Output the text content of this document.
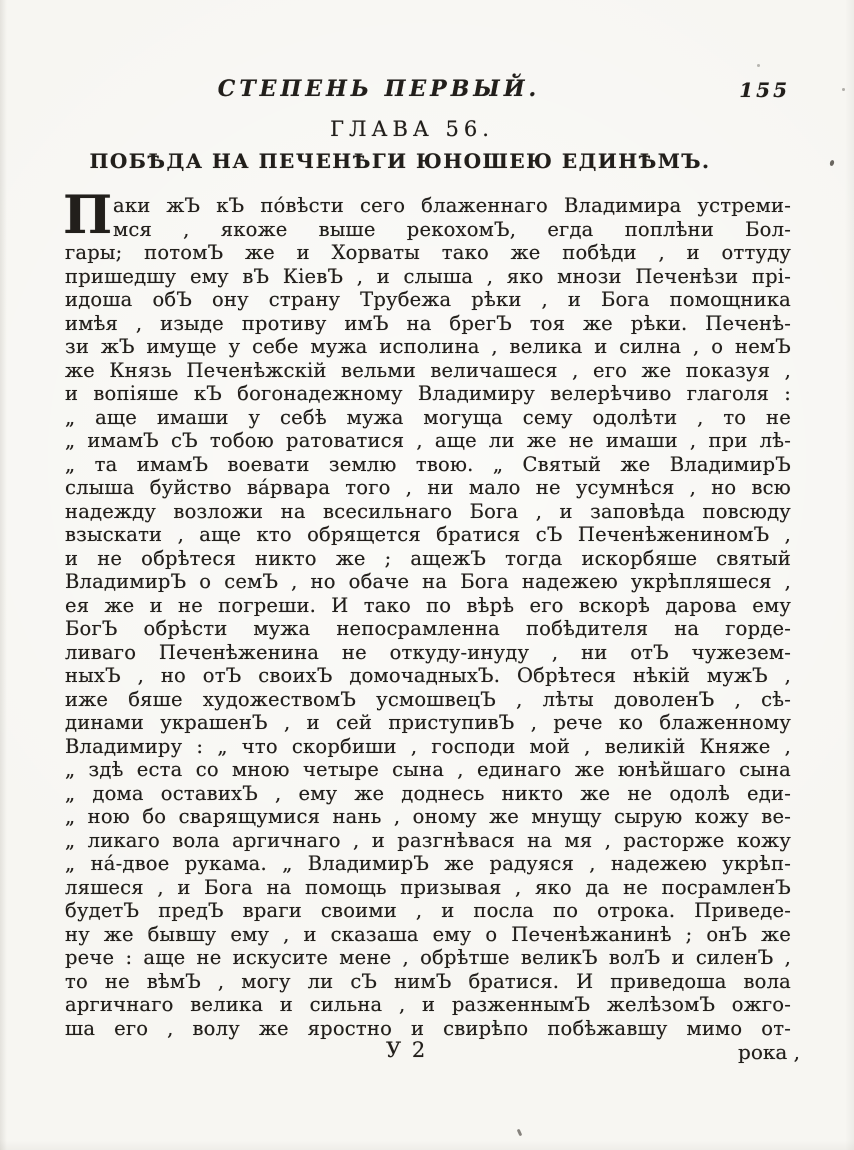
СТЕПЕНЬ ПЕРВЫЙ.	155
ГЛАВА 56.
ПОБѢДА НА ПЕЧЕНѢГИ ЮНОШЕЮ ЕДИНѢМЪ.
П аки жЪ кЪ по́вѣсти сего блаженнаго Владимира устреми-
мся , якоже выше рекохомЪ, егда поплѣни Бол-
гары; потомЪ же и Хорваты тако же побѣди , и оттуду
пришедшу ему вЪ КіевЪ , и слыша , яко мнози Печенѣзи прі-
идоша обЪ ону страну Трубежа рѣки , и Бога помощника
имѣя , изыде противу имЪ на брегЪ тоя же рѣки. Печенѣ-
зи жЪ имуще у себе мужа исполина , велика и силна , о немЪ
же Князь Печенѣжскій вельми величашеся , его же показуя ,
и вопіяше кЪ богонадежному Владимиру велерѣчиво глаголя :
„ аще имаши у себѣ мужа могуща сему одолѣти , то не
„ имамЪ сЪ тобою ратоватися , аще ли же не имаши , при лѣ-
„ та имамЪ воевати землю твою. „ Святый же ВладимирЪ
слыша буйство ва́рвара того , ни мало не усумнѣся , но всю
надежду возложи на всесильнаго Бога , и заповѣда повсюду
взыскати , аще кто обрящется братися сЪ ПеченѣжениномЪ ,
и не обрѣтеся никто же ; ащежЪ тогда искорбяше святый
ВладимирЪ о семЪ , но обаче на Бога надежею укрѣпляшеся ,
ея же и не погреши. И тако по вѣрѣ его вскорѣ дарова ему
БогЪ обрѣсти мужа непосрамленна побѣдителя на горде-
ливаго Печенѣженина не откуду-инуду , ни отЪ чужезем-
ныхЪ , но отЪ своихЪ домочадныхЪ. Обрѣтеся нѣкій мужЪ ,
иже бяше художествомЪ усмошвецЪ , лѣты доволенЪ , сѣ-
динами украшенЪ , и сей приступивЪ , рече ко блаженному
Владимиру : „ что скорбиши , господи мой , великій Княже ,
„ здѣ еста со мною четыре сына , единаго же юнѣйшаго сына
„ дома оставихЪ , ему же доднесь никто же не одолѣ еди-
„ ною бо сварящумися нань , оному же мнущу сырую кожу ве-
„ ликаго вола аргичнаго , и разгнѣвася на мя , расторже кожу
„ на́-двое рукама. „ ВладимирЪ же радуяся , надежею укрѣп-
ляшеся , и Бога на помощь призывая , яко да не посрамленЪ
будетЪ предЪ враги своими , и посла по отрока. Приведе-
ну же бывшу ему , и сказаша ему о Печенѣжанинѣ ; онЪ же
рече : аще не искусите мене , обрѣтше великЪ волЪ и силенЪ ,
то не вѣмЪ , могу ли сЪ нимЪ братися. И приведоша вола
аргичнаго велика и сильна , и разженнымЪ желѣзомЪ ожго-
ша его , волу же яростно и свирѣпо побѣжавшу мимо от-
У 2	рока ,
